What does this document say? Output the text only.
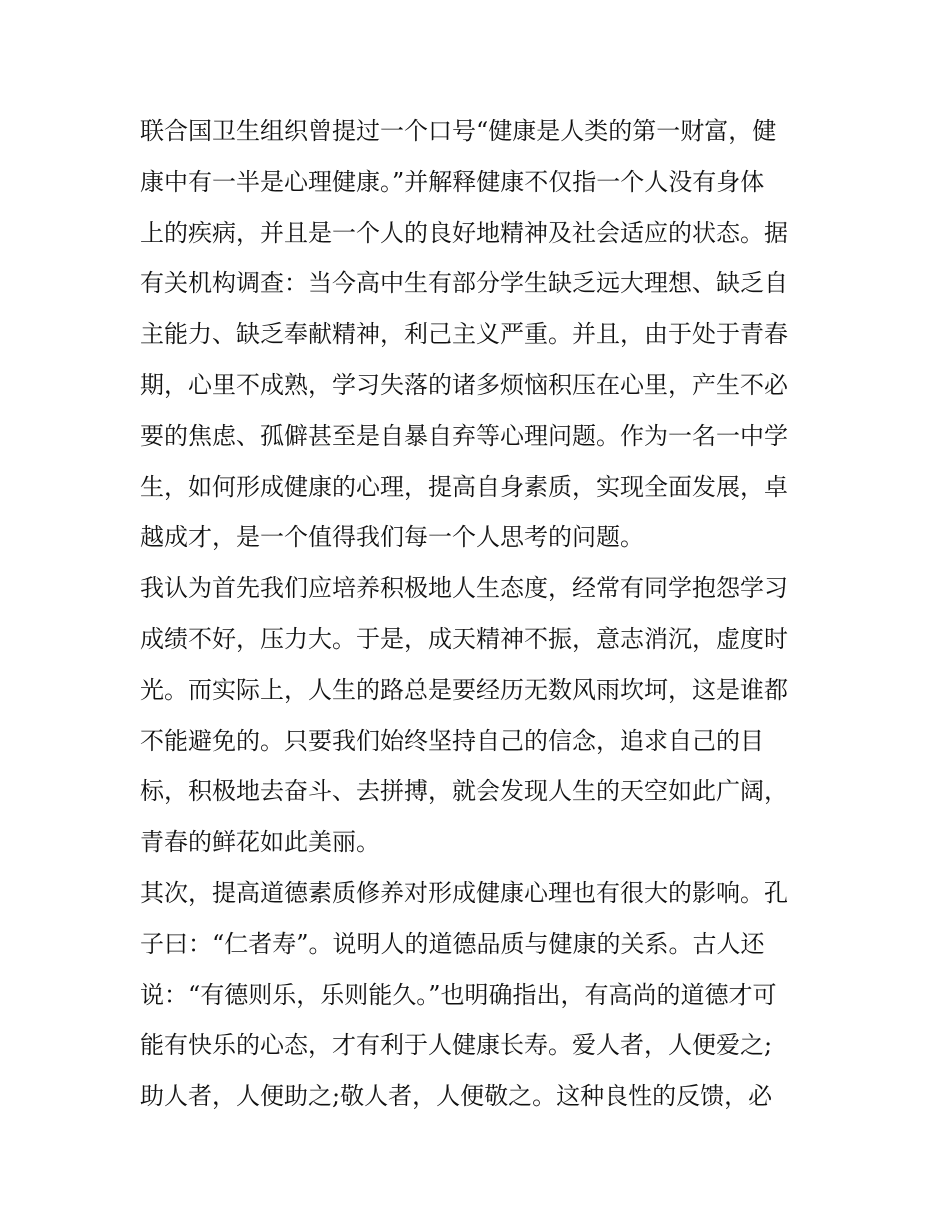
联合国卫生组织曾提过一个口号“健康是人类的第一财富，健
康中有一半是心理健康。”并解释健康不仅指一个人没有身体
上的疾病，并且是一个人的良好地精神及社会适应的状态。据
有关机构调查：当今高中生有部分学生缺乏远大理想、缺乏自
主能力、缺乏奉献精神，利己主义严重。并且，由于处于青春
期，心里不成熟，学习失落的诸多烦恼积压在心里，产生不必
要的焦虑、孤僻甚至是自暴自弃等心理问题。作为一名一中学
生，如何形成健康的心理，提高自身素质，实现全面发展，卓
越成才，是一个值得我们每一个人思考的问题。
我认为首先我们应培养积极地人生态度，经常有同学抱怨学习
成绩不好，压力大。于是，成天精神不振，意志消沉，虚度时
光。而实际上，人生的路总是要经历无数风雨坎坷，这是谁都
不能避免的。只要我们始终坚持自己的信念，追求自己的目
标，积极地去奋斗、去拼搏，就会发现人生的天空如此广阔，
青春的鲜花如此美丽。
其次，提高道德素质修养对形成健康心理也有很大的影响。孔
子曰：“仁者寿”。说明人的道德品质与健康的关系。古人还
说：“有德则乐，乐则能久。”也明确指出，有高尚的道德才可
能有快乐的心态，才有利于人健康长寿。爱人者，人便爱之;
助人者，人便助之;敬人者，人便敬之。这种良性的反馈，必
